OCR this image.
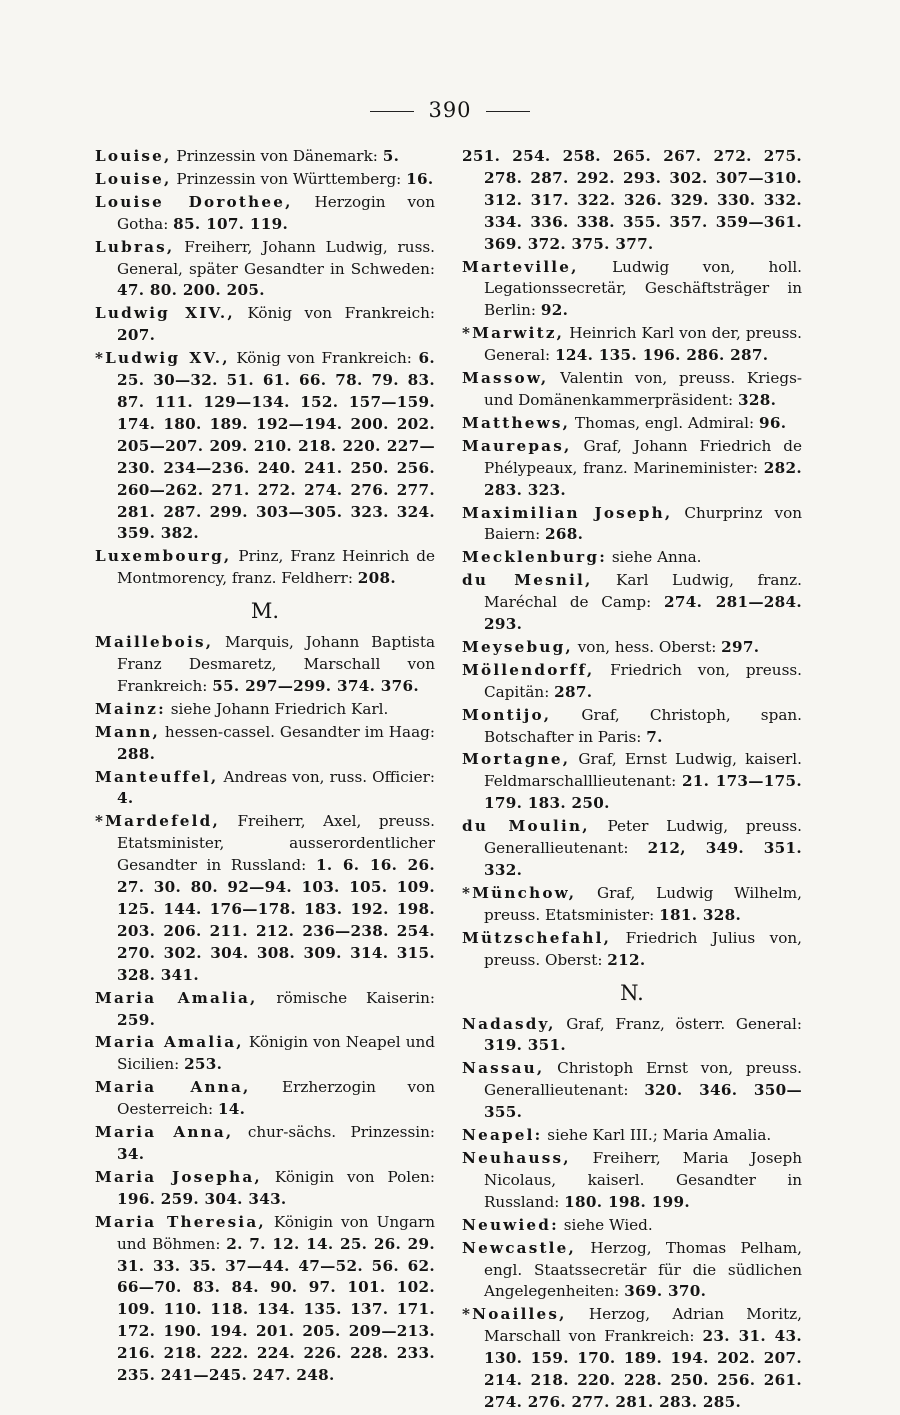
390
Louise, Prinzessin von Dänemark: 5.
Louise, Prinzessin von Württemberg: 16.
Louise Dorothee, Herzogin von Gotha: 85. 107. 119.
Lubras, Freiherr, Johann Ludwig, russ. General, später Gesandter in Schweden: 47. 80. 200. 205.
Ludwig XIV., König von Frankreich: 207.
*Ludwig XV., König von Frankreich: 6. 25. 30—32. 51. 61. 66. 78. 79. 83. 87. 111. 129—134. 152. 157—159. 174. 180. 189. 192—194. 200. 202. 205—207. 209. 210. 218. 220. 227—230. 234—236. 240. 241. 250. 256. 260—262. 271. 272. 274. 276. 277. 281. 287. 299. 303—305. 323. 324. 359. 382.
Luxembourg, Prinz, Franz Heinrich de Montmorency, franz. Feldherr: 208.
M.
Maillebois, Marquis, Johann Baptista Franz Desmaretz, Marschall von Frankreich: 55. 297—299. 374. 376.
Mainz: siehe Johann Friedrich Karl.
Mann, hessen-cassel. Gesandter im Haag: 288.
Manteuffel, Andreas von, russ. Officier: 4.
*Mardefeld, Freiherr, Axel, preuss. Etatsminister, ausserordentlicher Gesandter in Russland: 1. 6. 16. 26. 27. 30. 80. 92—94. 103. 105. 109. 125. 144. 176—178. 183. 192. 198. 203. 206. 211. 212. 236—238. 254. 270. 302. 304. 308. 309. 314. 315. 328. 341.
Maria Amalia, römische Kaiserin: 259.
Maria Amalia, Königin von Neapel und Sicilien: 253.
Maria Anna, Erzherzogin von Oesterreich: 14.
Maria Anna, chur-sächs. Prinzessin: 34.
Maria Josepha, Königin von Polen: 196. 259. 304. 343.
Maria Theresia, Königin von Ungarn und Böhmen: 2. 7. 12. 14. 25. 26. 29. 31. 33. 35. 37—44. 47—52. 56. 62. 66—70. 83. 84. 90. 97. 101. 102. 109. 110. 118. 134. 135. 137. 171. 172. 190. 194. 201. 205. 209—213. 216. 218. 222. 224. 226. 228. 233. 235. 241—245. 247. 248.
251. 254. 258. 265. 267. 272. 275. 278. 287. 292. 293. 302. 307—310. 312. 317. 322. 326. 329. 330. 332. 334. 336. 338. 355. 357. 359—361. 369. 372. 375. 377.
Marteville, Ludwig von, holl. Legationssecretär, Geschäftsträger in Berlin: 92.
*Marwitz, Heinrich Karl von der, preuss. General: 124. 135. 196. 286. 287.
Massow, Valentin von, preuss. Kriegs- und Domänenkammerpräsident: 328.
Matthews, Thomas, engl. Admiral: 96.
Maurepas, Graf, Johann Friedrich de Phélypeaux, franz. Marineminister: 282. 283. 323.
Maximilian Joseph, Churprinz von Baiern: 268.
Mecklenburg: siehe Anna.
du Mesnil, Karl Ludwig, franz. Maréchal de Camp: 274. 281—284. 293.
Meysebug, von, hess. Oberst: 297.
Möllendorff, Friedrich von, preuss. Capitän: 287.
Montijo, Graf, Christoph, span. Botschafter in Paris: 7.
Mortagne, Graf, Ernst Ludwig, kaiserl. Feldmarschalllieutenant: 21. 173—175. 179. 183. 250.
du Moulin, Peter Ludwig, preuss. Generallieutenant: 212, 349. 351. 332.
*Münchow, Graf, Ludwig Wilhelm, preuss. Etatsminister: 181. 328.
Mützschefahl, Friedrich Julius von, preuss. Oberst: 212.
N.
Nadasdy, Graf, Franz, österr. General: 319. 351.
Nassau, Christoph Ernst von, preuss. Generallieutenant: 320. 346. 350—355.
Neapel: siehe Karl III.; Maria Amalia.
Neuhauss, Freiherr, Maria Joseph Nicolaus, kaiserl. Gesandter in Russland: 180. 198. 199.
Neuwied: siehe Wied.
Newcastle, Herzog, Thomas Pelham, engl. Staatssecretär für die südlichen Angelegenheiten: 369. 370.
*Noailles, Herzog, Adrian Moritz, Marschall von Frankreich: 23. 31. 43. 130. 159. 170. 189. 194. 202. 207. 214. 218. 220. 228. 250. 256. 261. 274. 276. 277. 281. 283. 285.
